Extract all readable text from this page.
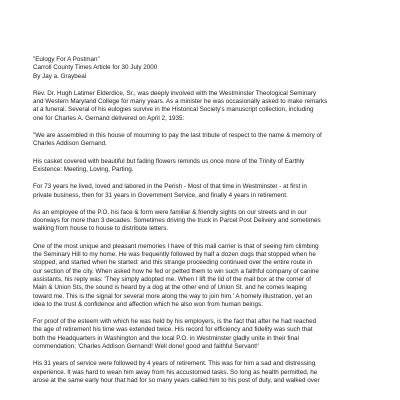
"Eulogy For A Postman"

Carroll County Times Article for 30 July 2000

By Jay a. Graybeal

Rev. Dr. Hugh Latimer Elderdice, Sr., was deeply involved with the Westminster Theological Seminary
and Western Maryland College for many years. As a minister he was occasionally asked to make remarks
at a funeral. Several of his eulogies survive in the Historical Society's manuscript collection, including
one for Charles A. Gernand delivered on April 2, 1935:
"We are assembled in this house of mourning to pay the last tribute of respect to the name & memory of
Charles Addison Gernand.
His casket covered with beautiful but fading flowers reminds us once more of the Trinity of Earthly
Existence: Meeting, Loving, Parting.
For 73 years he lived, loved and labored in the Perish - Most of that time in Westminster - at first in
private business, then for 31 years in Government Service, and finally 4 years in retirement.
As an employee of the P.O. his face & form were familiar & friendly sights on our streets and in our
doorways for more than 3 decades. Sometimes driving the truck in Parcel Post Delivery and sometimes
walking from house to house to distribute letters.
One of the most unique and pleasant memories I have of this mail carrier is that of seeing him climbing
the Seminary Hill to my home. He was frequently followed by half a dozen dogs that stopped when he
stopped, and started when he started: and this strange proceeding continued over the entire route in
our section of the city. When asked how he fed or petted them to win such a faithful company of canine
assistants, his reply was: 'They simply adopted me. When I lift the lid of the mail box at the corner of
Main & Union Sts, the sound is heard by a dog at the other end of Union St. and he comes leaping
toward me. This is the signal for several more along the way to join him.' A homely illustration, yet an
idea to the trust & confidence and affection which he also won from human beings.
For proof of the esteem with which he was held by his employers, is the fact that after he had reached
the age of retirement his time was extended twice. His record for efficiency and fidelity was such that
both the Headquarters in Washington and the local P.O. in Westminster gladly unite in their final
commendation; 'Charles Addison Gernand! Well done! good and faithful Servant!'
His 31 years of service were followed by 4 years of retirement. This was for him a sad and distressing
experience. It was hard to wean him away from his accustomed tasks. So long as health permitted, he
arose at the same early hour that had for so many years called him to his post of duty, and walked over
